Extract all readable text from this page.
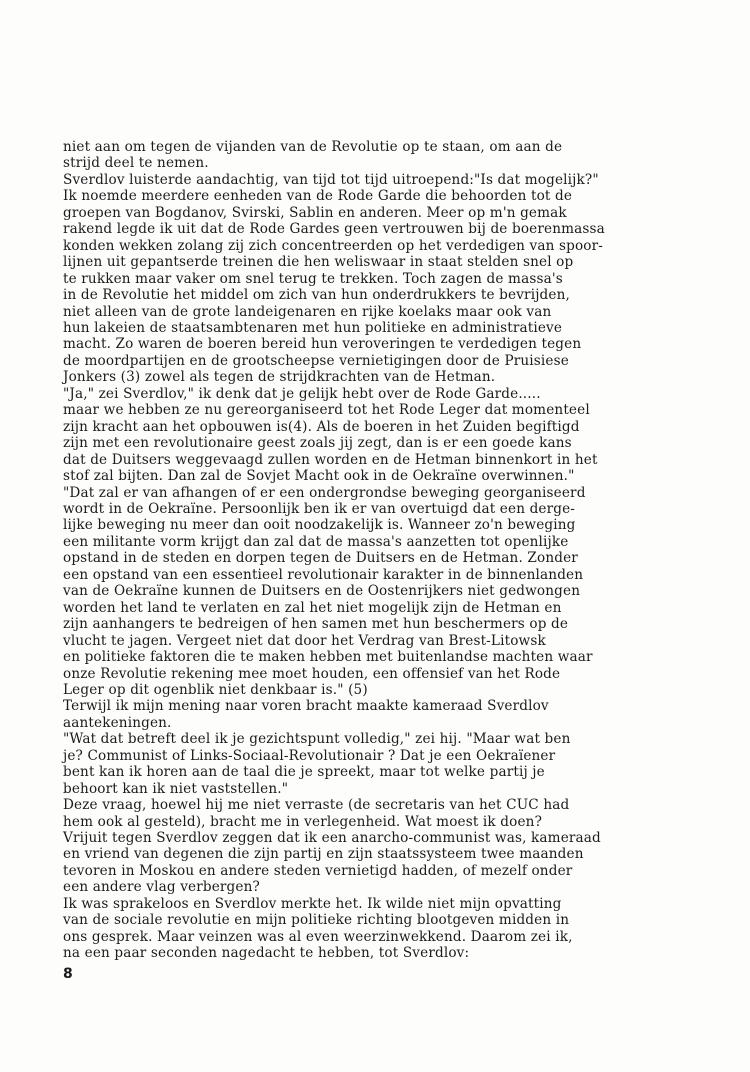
niet aan om tegen de vijanden van de Revolutie op te staan, om aan de
strijd deel te nemen.
Sverdlov luisterde aandachtig, van tijd tot tijd uitroepend:"Is dat mogelijk?"
Ik noemde meerdere eenheden van de Rode Garde die behoorden tot de
groepen van Bogdanov, Svirski, Sablin en anderen. Meer op m'n gemak
rakend legde ik uit dat de Rode Gardes geen vertrouwen bij de boerenmassa
konden wekken zolang zij zich concentreerden op het verdedigen van spoor-
lijnen uit gepantserde treinen die hen weliswaar in staat stelden snel op
te rukken maar vaker om snel terug te trekken. Toch zagen de massa's
in de Revolutie het middel om zich van hun onderdrukkers te bevrijden,
niet alleen van de grote landeigenaren en rijke koelaks maar ook van
hun lakeien de staatsambtenaren met hun politieke en administratieve
macht. Zo waren de boeren bereid hun veroveringen te verdedigen tegen
de moordpartijen en de grootscheepse vernietigingen door de Pruisiese
Jonkers (3) zowel als tegen de strijdkrachten van de Hetman.
"Ja," zei Sverdlov," ik denk dat je gelijk hebt over de Rode Garde.....
maar we hebben ze nu gereorganiseerd tot het Rode Leger dat momenteel
zijn kracht aan het opbouwen is(4). Als de boeren in het Zuiden begiftigd
zijn met een revolutionaire geest zoals jij zegt, dan is er een goede kans
dat de Duitsers weggevaagd zullen worden en de Hetman binnenkort in het
stof zal bijten. Dan zal de Sovjet Macht ook in de Oekraïne overwinnen."
"Dat zal er van afhangen of er een ondergrondse beweging georganiseerd
wordt in de Oekraïne. Persoonlijk ben ik er van overtuigd dat een derge-
lijke beweging nu meer dan ooit noodzakelijk is. Wanneer zo'n beweging
een militante vorm krijgt dan zal dat de massa's aanzetten tot openlijke
opstand in de steden en dorpen tegen de Duitsers en de Hetman. Zonder
een opstand van een essentieel revolutionair karakter in de binnenlanden
van de Oekraïne kunnen de Duitsers en de Oostenrijkers niet gedwongen
worden het land te verlaten en zal het niet mogelijk zijn de Hetman en
zijn aanhangers te bedreigen of hen samen met hun beschermers op de
vlucht te jagen. Vergeet niet dat door het Verdrag van Brest-Litowsk
en politieke faktoren die te maken hebben met buitenlandse machten waar
onze Revolutie rekening mee moet houden, een offensief van het Rode
Leger op dit ogenblik niet denkbaar is." (5)
Terwijl ik mijn mening naar voren bracht maakte kameraad Sverdlov
aantekeningen.
"Wat dat betreft deel ik je gezichtspunt volledig," zei hij. "Maar wat ben
je? Communist of Links-Sociaal-Revolutionair ? Dat je een Oekraïener
bent kan ik horen aan de taal die je spreekt, maar tot welke partij je
behoort kan ik niet vaststellen."
Deze vraag, hoewel hij me niet verraste (de secretaris van het CUC had
hem ook al gesteld), bracht me in verlegenheid. Wat moest ik doen?
Vrijuit tegen Sverdlov zeggen dat ik een anarcho-communist was, kameraad
en vriend van degenen die zijn partij en zijn staatssysteem twee maanden
tevoren in Moskou en andere steden vernietigd hadden, of mezelf onder
een andere vlag verbergen?
Ik was sprakeloos en Sverdlov merkte het. Ik wilde niet mijn opvatting
van de sociale revolutie en mijn politieke richting blootgeven midden in
ons gesprek. Maar veinzen was al even weerzinwekkend. Daarom zei ik,
na een paar seconden nagedacht te hebben, tot Sverdlov:
8
